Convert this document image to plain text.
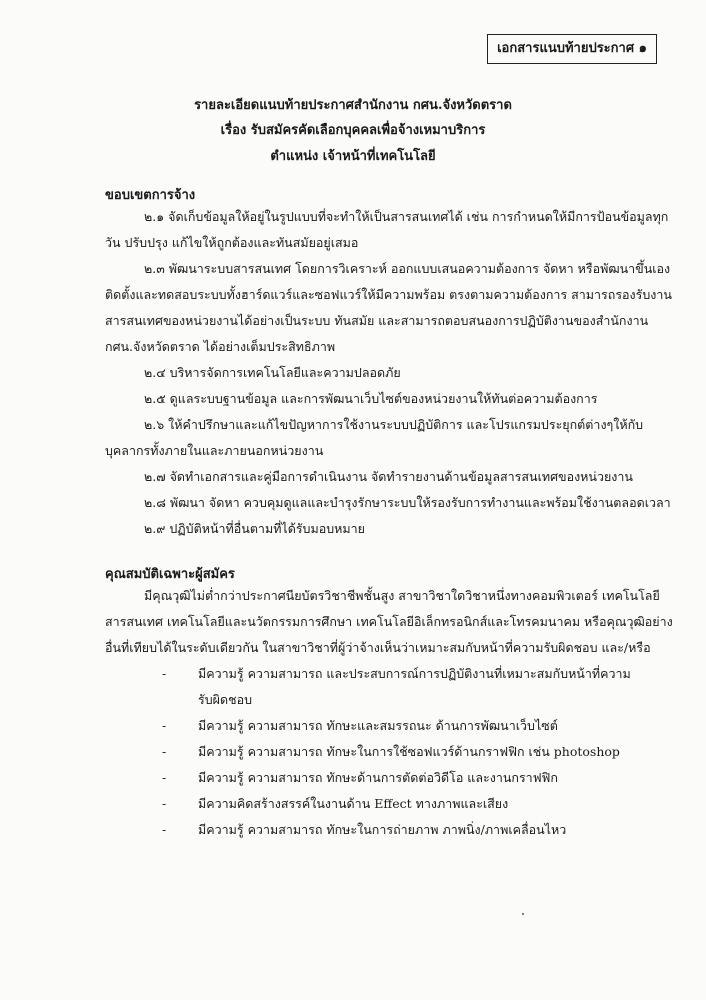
เอกสารแนบท้ายประกาศ ๑
รายละเอียดแนบท้ายประกาศสำนักงาน กศน.จังหวัดตราด
เรื่อง รับสมัครคัดเลือกบุคคลเพื่อจ้างเหมาบริการ
ตำแหน่ง เจ้าหน้าที่เทคโนโลยี
ขอบเขตการจ้าง
๒.๑ จัดเก็บข้อมูลให้อยู่ในรูปแบบที่จะทำให้เป็นสารสนเทศได้ เช่น การกำหนดให้มีการป้อนข้อมูลทุก
วัน ปรับปรุง แก้ไขให้ถูกต้องและทันสมัยอยู่เสมอ
๒.๓ พัฒนาระบบสารสนเทศ โดยการวิเคราะห์ ออกแบบเสนอความต้องการ จัดหา หรือพัฒนาขึ้นเอง
ติดตั้งและทดสอบระบบทั้งฮาร์ดแวร์และซอฟแวร์ให้มีความพร้อม ตรงตามความต้องการ สามารถรองรับงาน
สารสนเทศของหน่วยงานได้อย่างเป็นระบบ ทันสมัย และสามารถตอบสนองการปฏิบัติงานของสำนักงาน
กศน.จังหวัดตราด ได้อย่างเต็มประสิทธิภาพ
๒.๔ บริหารจัดการเทคโนโลยีและความปลอดภัย
๒.๕ ดูแลระบบฐานข้อมูล และการพัฒนาเว็บไซต์ของหน่วยงานให้ทันต่อความต้องการ
๒.๖ ให้คำปรึกษาและแก้ไขปัญหาการใช้งานระบบปฏิบัติการ และโปรแกรมประยุกต์ต่างๆให้กับ
บุคลากรทั้งภายในและภายนอกหน่วยงาน
๒.๗ จัดทำเอกสารและคู่มือการดำเนินงาน จัดทำรายงานด้านข้อมูลสารสนเทศของหน่วยงาน
๒.๘ พัฒนา จัดหา ควบคุมดูแลและบำรุงรักษาระบบให้รองรับการทำงานและพร้อมใช้งานตลอดเวลา
๒.๙ ปฏิบัติหน้าที่อื่นตามที่ได้รับมอบหมาย
คุณสมบัติเฉพาะผู้สมัคร
มีคุณวุฒิไม่ต่ำกว่าประกาศนียบัตรวิชาชีพชั้นสูง สาขาวิชาใดวิชาหนึ่งทางคอมพิวเตอร์ เทคโนโลยี
สารสนเทศ เทคโนโลยีและนวัตกรรมการศึกษา เทคโนโลยีอิเล็กทรอนิกส์และโทรคมนาคม หรือคุณวุฒิอย่าง
อื่นที่เทียบได้ในระดับเดียวกัน ในสาขาวิชาที่ผู้ว่าจ้างเห็นว่าเหมาะสมกับหน้าที่ความรับผิดชอบ และ/หรือ
-	มีความรู้ ความสามารถ และประสบการณ์การปฏิบัติงานที่เหมาะสมกับหน้าที่ความ
รับผิดชอบ
-	มีความรู้ ความสามารถ ทักษะและสมรรถนะ ด้านการพัฒนาเว็บไซต์
-	มีความรู้ ความสามารถ ทักษะในการใช้ซอฟแวร์ด้านกราฟฟิก เช่น photoshop
-	มีความรู้ ความสามารถ ทักษะด้านการตัดต่อวิดีโอ และงานกราฟฟิก
-	มีความคิดสร้างสรรค์ในงานด้าน Effect ทางภาพและเสียง
-	มีความรู้ ความสามารถ ทักษะในการถ่ายภาพ ภาพนิ่ง/ภาพเคลื่อนไหว
